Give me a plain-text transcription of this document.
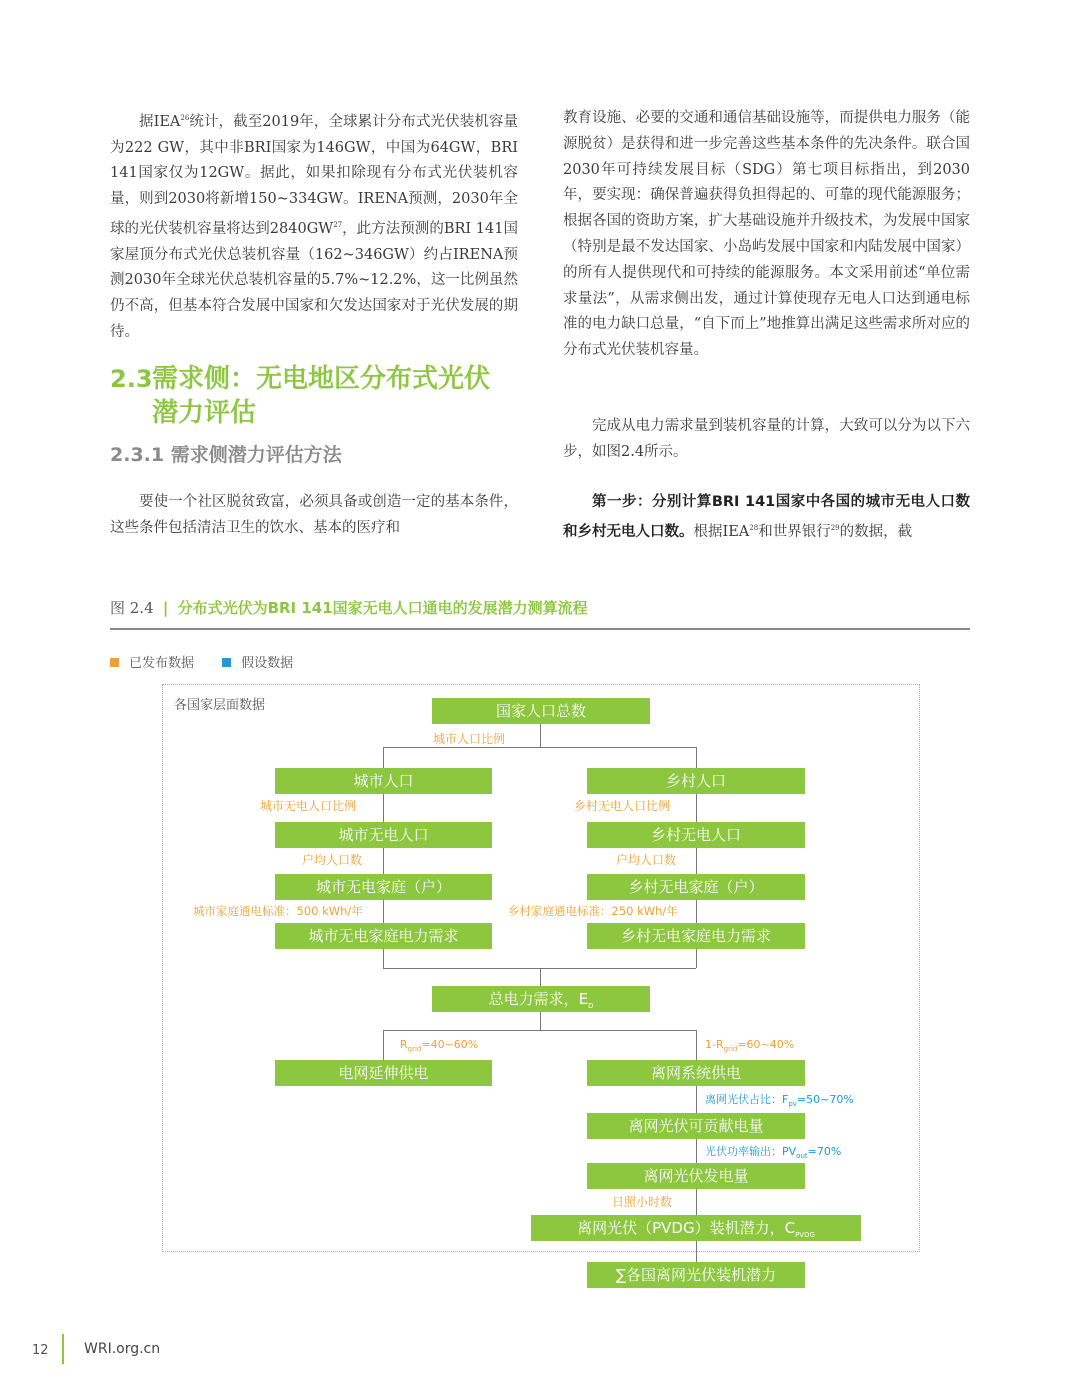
据IEA$^{26}$统计，截至2019年，全球累计分布式光伏装机容量为222 GW，其中非BRI国家为146GW，中国为64GW，BRI 141国家仅为12GW。据此，如果扣除现有分布式光伏装机容量，则到2030将新增150~334GW。IRENA预测，2030年全球的光伏装机容量将达到2840GW$^{27}$，此方法预测的BRI 141国家屋顶分布式光伏总装机容量（162~346GW）约占IRENA预测2030年全球光伏总装机容量的5.7%~12.2%，这一比例虽然仍不高，但基本符合发展中国家和欠发达国家对于光伏发展的期待。

2.3需求侧：无电地区分布式光伏
潜力评估
2.3.1 需求侧潜力评估方法

要使一个社区脱贫致富，必须具备或创造一定的基本条件，这些条件包括清洁卫生的饮水、基本的医疗和

教育设施、必要的交通和通信基础设施等，而提供电力服务（能源脱贫）是获得和进一步完善这些基本条件的先决条件。联合国2030年可持续发展目标（SDG）第七项目标指出，到2030年，要实现：确保普遍获得负担得起的、可靠的现代能源服务；根据各国的资助方案，扩大基础设施并升级技术，为发展中国家（特别是最不发达国家、小岛屿发展中国家和内陆发展中国家）的所有人提供现代和可持续的能源服务。本文采用前述“单位需求量法”，从需求侧出发，通过计算使现存无电人口达到通电标准的电力缺口总量，“自下而上”地推算出满足这些需求所对应的分布式光伏装机容量。

完成从电力需求量到装机容量的计算，大致可以分为以下六步，如图2.4所示。

第一步：分别计算BRI 141国家中各国的城市无电人口数和乡村无电人口数。根据IEA$^{28}$和世界银行$^{29}$的数据，截

图 2.4 | 分布式光伏为BRI 141国家无电人口通电的发展潜力测算流程
已发布数据	假设数据
各国家层面数据	国家人口总数
城市人口	乡村人口
城市无电人口	乡村无电人口
城市无电家庭（户）	乡村无电家庭（户）
城市无电家庭电力需求	乡村无电家庭电力需求
总电力需求，$E_D$
电网延伸供电	离网系统供电
离网光伏可贡献电量
离网光伏发电量
离网光伏（PVDG）装机潜力，$C_{PVDG}$
∑各国离网光伏装机潜力
城市人口比例
城市无电人口比例	乡村无电人口比例
户均人口数	户均人口数
城市家庭通电标准：500 kWh/年	乡村家庭通电标准：250 kWh/年
$R_{grid}=40\sim 60\%$	$1-R_{grid}=60\sim 40\%$
离网光伏占比：$F_{pv}=50\sim 70\%$
光伏功率输出：$PV_{out}=70\%$
日照小时数
12	WRI.org.cn
